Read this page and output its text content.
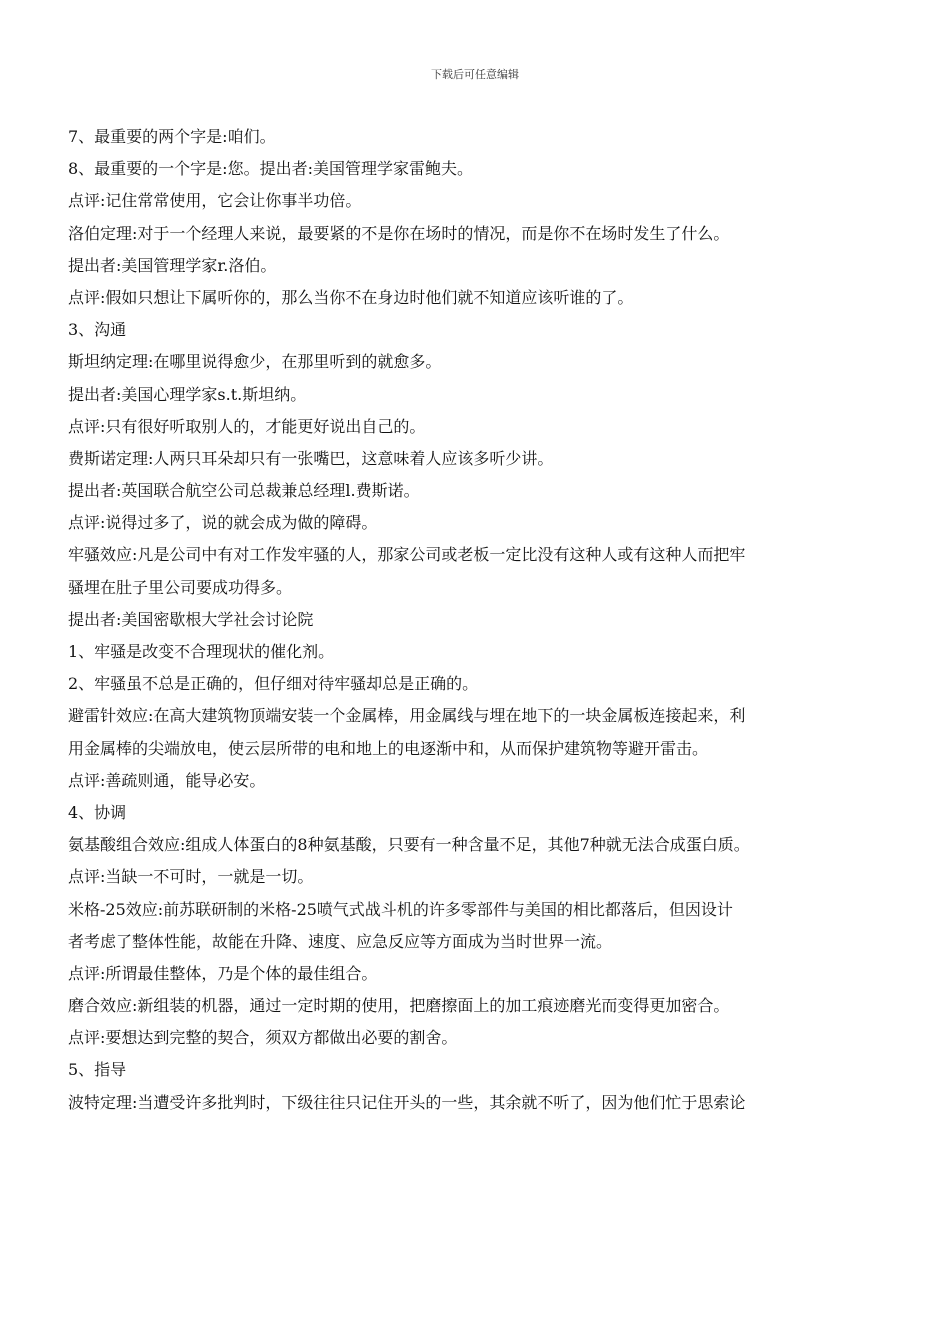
下载后可任意编辑
7、最重要的两个字是:咱们。
8、最重要的一个字是:您。提出者:美国管理学家雷鲍夫。
点评:记住常常使用，它会让你事半功倍。
洛伯定理:对于一个经理人来说，最要紧的不是你在场时的情况，而是你不在场时发生了什么。
提出者:美国管理学家r.洛伯。
点评:假如只想让下属听你的，那么当你不在身边时他们就不知道应该听谁的了。
3、沟通
斯坦纳定理:在哪里说得愈少，在那里听到的就愈多。
提出者:美国心理学家s.t.斯坦纳。
点评:只有很好听取别人的，才能更好说出自己的。
费斯诺定理:人两只耳朵却只有一张嘴巴，这意味着人应该多听少讲。
提出者:英国联合航空公司总裁兼总经理l.费斯诺。
点评:说得过多了，说的就会成为做的障碍。
牢骚效应:凡是公司中有对工作发牢骚的人，那家公司或老板一定比没有这种人或有这种人而把牢
骚埋在肚子里公司要成功得多。
提出者:美国密歇根大学社会讨论院
1、牢骚是改变不合理现状的催化剂。
2、牢骚虽不总是正确的，但仔细对待牢骚却总是正确的。
避雷针效应:在高大建筑物顶端安装一个金属棒，用金属线与埋在地下的一块金属板连接起来，利
用金属棒的尖端放电，使云层所带的电和地上的电逐渐中和，从而保护建筑物等避开雷击。
点评:善疏则通，能导必安。
4、协调
氨基酸组合效应:组成人体蛋白的8种氨基酸，只要有一种含量不足，其他7种就无法合成蛋白质。
点评:当缺一不可时，一就是一切。
米格-25效应:前苏联研制的米格-25喷气式战斗机的许多零部件与美国的相比都落后，但因设计
者考虑了整体性能，故能在升降、速度、应急反应等方面成为当时世界一流。
点评:所谓最佳整体，乃是个体的最佳组合。
磨合效应:新组装的机器，通过一定时期的使用，把磨擦面上的加工痕迹磨光而变得更加密合。
点评:要想达到完整的契合，须双方都做出必要的割舍。
5、指导
波特定理:当遭受许多批判时，下级往往只记住开头的一些，其余就不听了，因为他们忙于思索论
